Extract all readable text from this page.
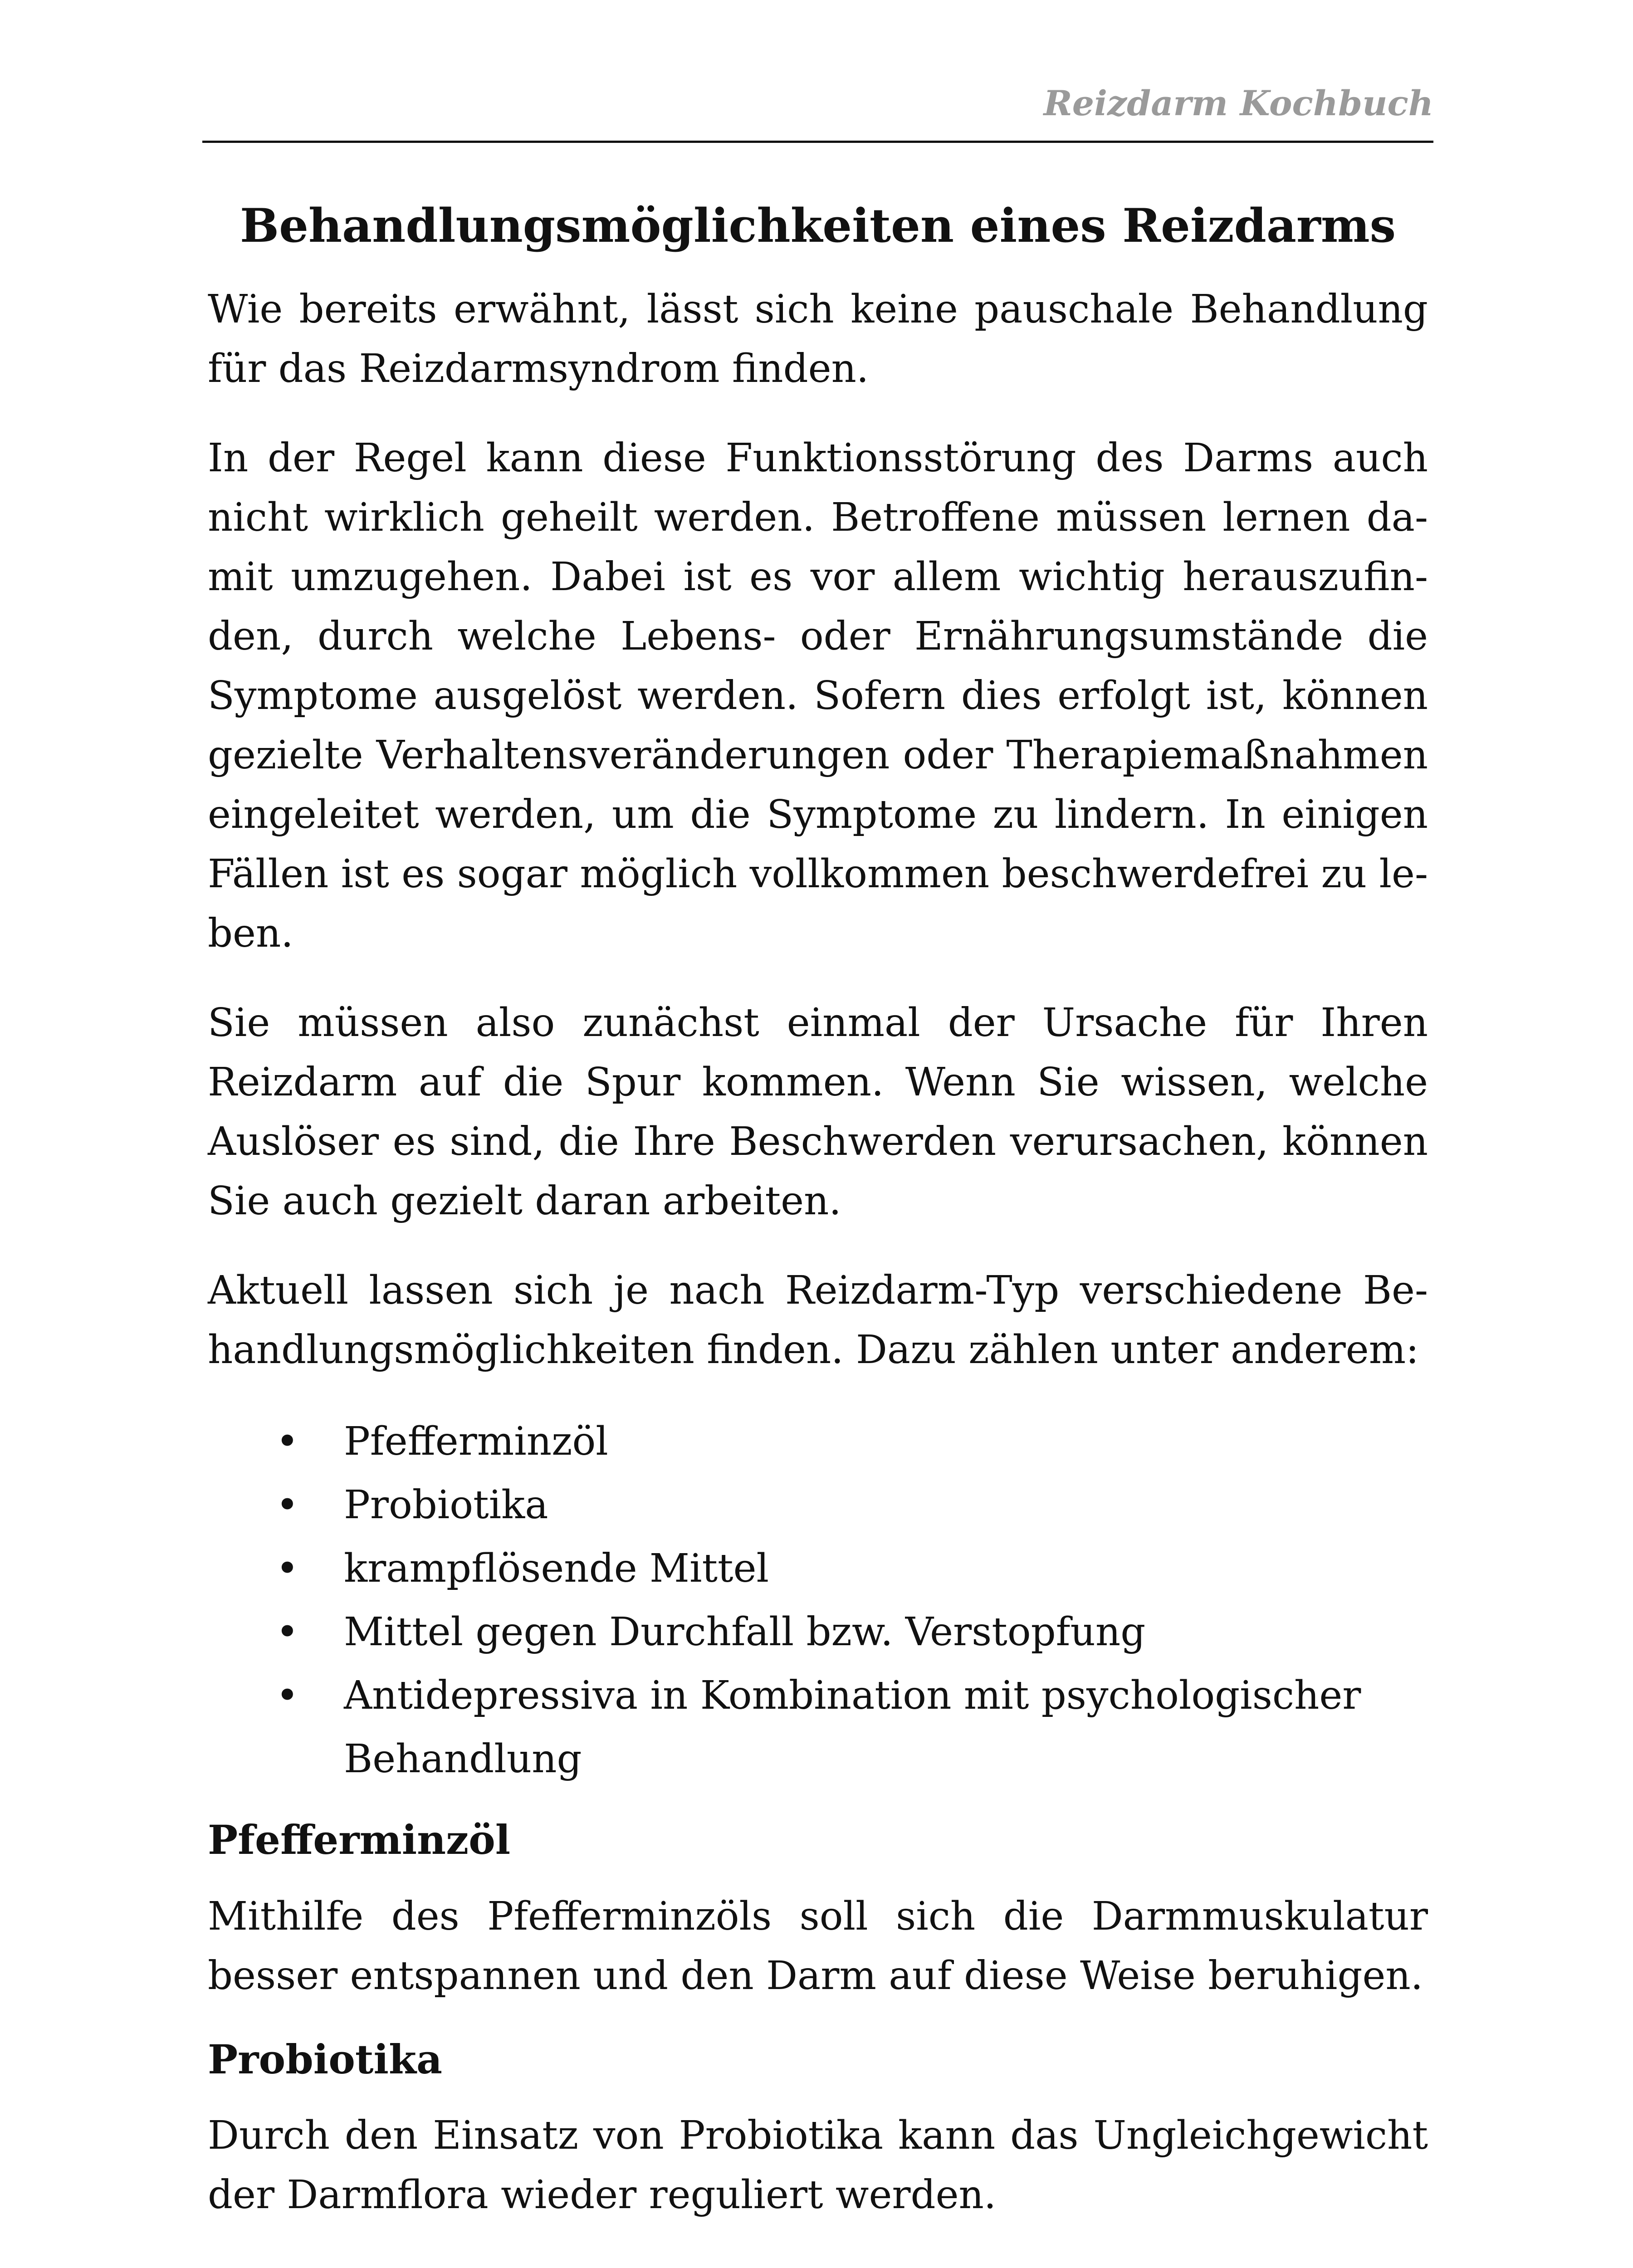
Reizdarm Kochbuch
Behandlungsmöglichkeiten eines Reizdarms

Wie bereits erwähnt, lässt sich keine pauschale Behandlung für das Reizdarmsyndrom finden.

In der Regel kann diese Funktionsstörung des Darms auch nicht wirklich geheilt werden. Betroffene müssen lernen damit umzugehen. Dabei ist es vor allem wichtig herauszufinden, durch welche Lebens- oder Ernährungsumstände die Symptome ausgelöst werden. Sofern dies erfolgt ist, können gezielte Verhaltensveränderungen oder Therapiemaßnahmen eingeleitet werden, um die Symptome zu lindern. In einigen Fällen ist es sogar möglich vollkommen beschwerdefrei zu leben.

Sie müssen also zunächst einmal der Ursache für Ihren Reizdarm auf die Spur kommen. Wenn Sie wissen, welche Auslöser es sind, die Ihre Beschwerden verursachen, können Sie auch gezielt daran arbeiten.

Aktuell lassen sich je nach Reizdarm-Typ verschiedene Behandlungsmöglichkeiten finden. Dazu zählen unter anderem:

• Pfefferminzöl
• Probiotika
• krampflösende Mittel
• Mittel gegen Durchfall bzw. Verstopfung
• Antidepressiva in Kombination mit psychologischer Behandlung
Pfefferminzöl

Mithilfe des Pfefferminzöls soll sich die Darmmuskulatur besser entspannen und den Darm auf diese Weise beruhigen.

Probiotika

Durch den Einsatz von Probiotika kann das Ungleichgewicht der Darmflora wieder reguliert werden.
